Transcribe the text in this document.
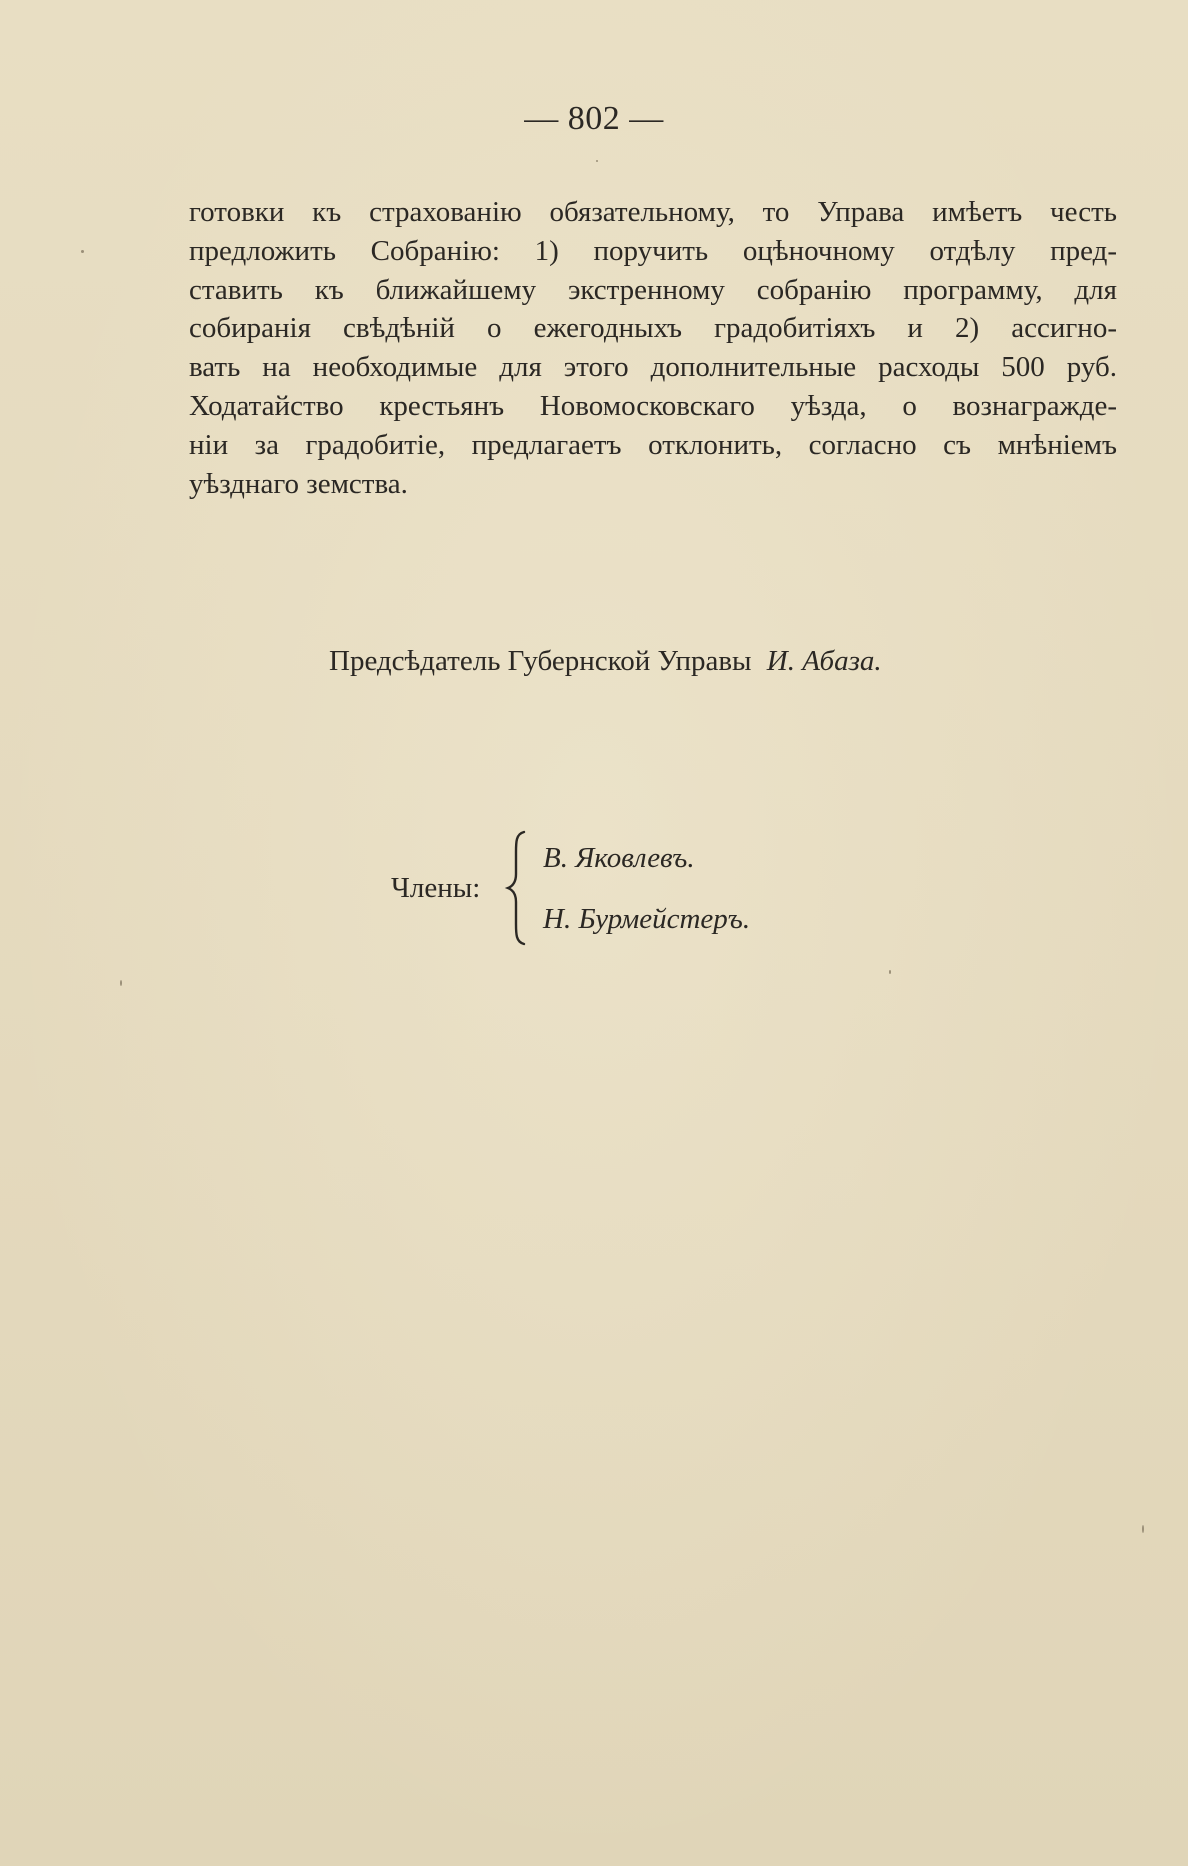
— 802 —
готовки къ страхованію обязательному, то Управа имѣетъ честь
предложить Собранію: 1) поручить оцѣночному отдѣлу пред-
ставить къ ближайшему экстренному собранію программу, для
собиранія свѣдѣній о ежегодныхъ градобитіяхъ и 2) ассигно-
вать на необходимые для этого дополнительные расходы 500 руб.
Ходатайство крестьянъ Новомосковскаго уѣзда, о вознагражде-
ніи за градобитіе, предлагаетъ отклонить, согласно съ мнѣніемъ
уѣзднаго земства.
Предсѣдатель Губернской Управы И. Абаза.
Члены:
В. Яковлевъ.
Н. Бурмейстеръ.
